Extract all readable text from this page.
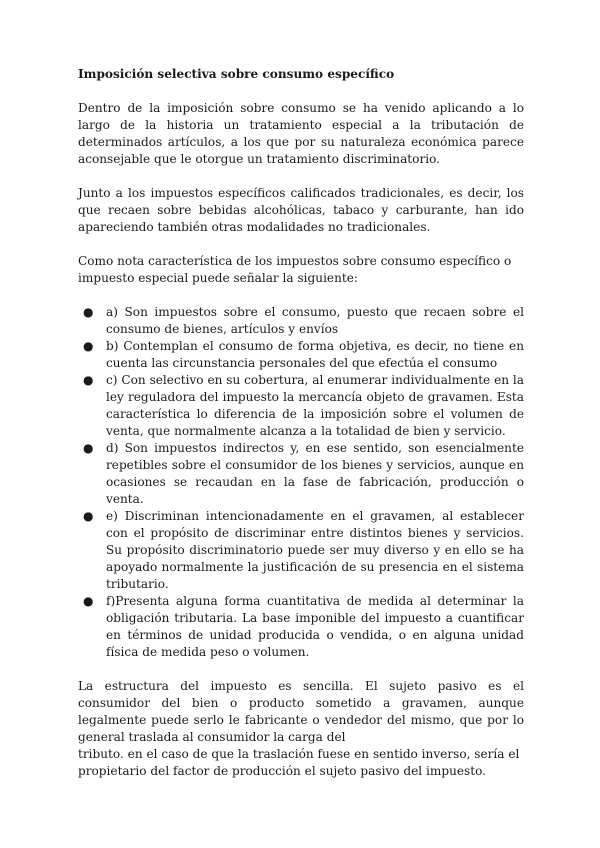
Imposición selectiva sobre consumo específico

Dentro de la imposición sobre consumo se ha venido aplicando a lo largo de la historia un tratamiento especial a la tributación de determinados artículos, a los que por su naturaleza económica parece aconsejable que le otorgue un tratamiento discriminatorio.

Junto a los impuestos específicos calificados tradicionales, es decir, los que recaen sobre bebidas alcohólicas, tabaco y carburante, han ido apareciendo también otras modalidades no tradicionales.

Como nota característica de los impuestos sobre consumo específico o impuesto especial puede señalar la siguiente:

● a) Son impuestos sobre el consumo, puesto que recaen sobre el consumo de bienes, artículos y envíos
● b) Contemplan el consumo de forma objetiva, es decir, no tiene en cuenta las circunstancia personales del que efectúa el consumo
● c) Con selectivo en su cobertura, al enumerar individualmente en la ley reguladora del impuesto la mercancía objeto de gravamen. Esta característica lo diferencia de la imposición sobre el volumen de venta, que normalmente alcanza a la totalidad de bien y servicio.
● d) Son impuestos indirectos y, en ese sentido, son esencialmente repetibles sobre el consumidor de los bienes y servicios, aunque en ocasiones se recaudan en la fase de fabricación, producción o venta.
● e) Discriminan intencionadamente en el gravamen, al establecer con el propósito de discriminar entre distintos bienes y servicios. Su propósito discriminatorio puede ser muy diverso y en ello se ha apoyado normalmente la justificación de su presencia en el sistema tributario.
● f)Presenta alguna forma cuantitativa de medida al determinar la obligación tributaria. La base imponible del impuesto a cuantificar en términos de unidad producida o vendida, o en alguna unidad física de medida peso o volumen.

La estructura del impuesto es sencilla. El sujeto pasivo es el consumidor del bien o producto sometido a gravamen, aunque legalmente puede serlo le fabricante o vendedor del mismo, que por lo general traslada al consumidor la carga del

tributo. en el caso de que la traslación fuese en sentido inverso, sería el propietario del factor de producción el sujeto pasivo del impuesto.
